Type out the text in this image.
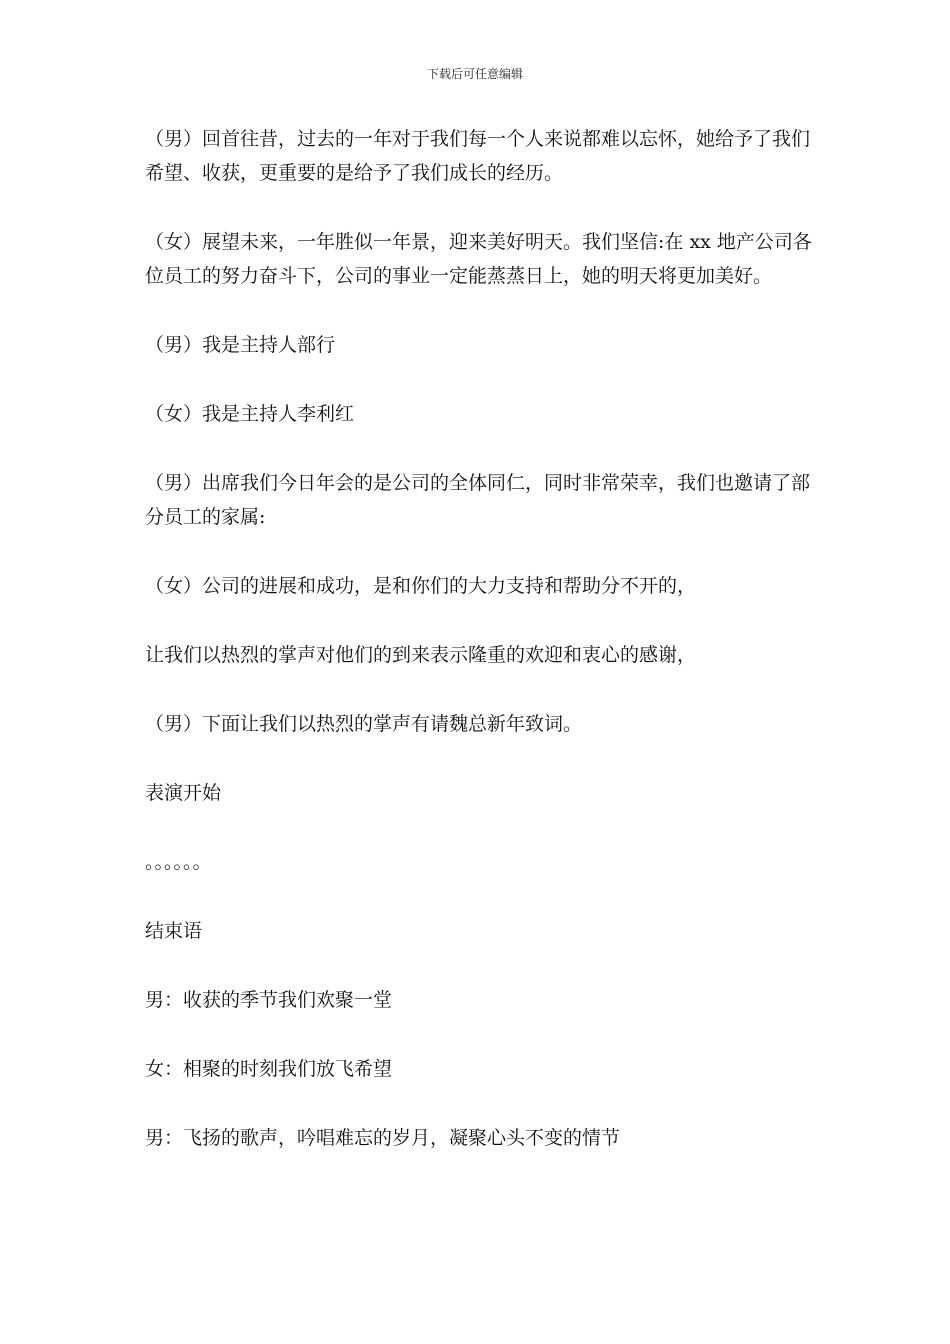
下载后可任意编辑

（男）回首往昔，过去的一年对于我们每一个人来说都难以忘怀，她给予了我们希望、收获，更重要的是给予了我们成长的经历。

（女）展望未来，一年胜似一年景，迎来美好明天。我们坚信:在 xx 地产公司各位员工的努力奋斗下，公司的事业一定能蒸蒸日上，她的明天将更加美好。

（男）我是主持人部行

（女）我是主持人李利红

（男）出席我们今日年会的是公司的全体同仁，同时非常荣幸，我们也邀请了部分员工的家属:

（女）公司的进展和成功，是和你们的大力支持和帮助分不开的，

让我们以热烈的掌声对他们的到来表示隆重的欢迎和衷心的感谢，

（男）下面让我们以热烈的掌声有请魏总新年致词。

表演开始

。。。。。。

结束语

男：收获的季节我们欢聚一堂

女：相聚的时刻我们放飞希望

男：飞扬的歌声，吟唱难忘的岁月，凝聚心头不变的情节
